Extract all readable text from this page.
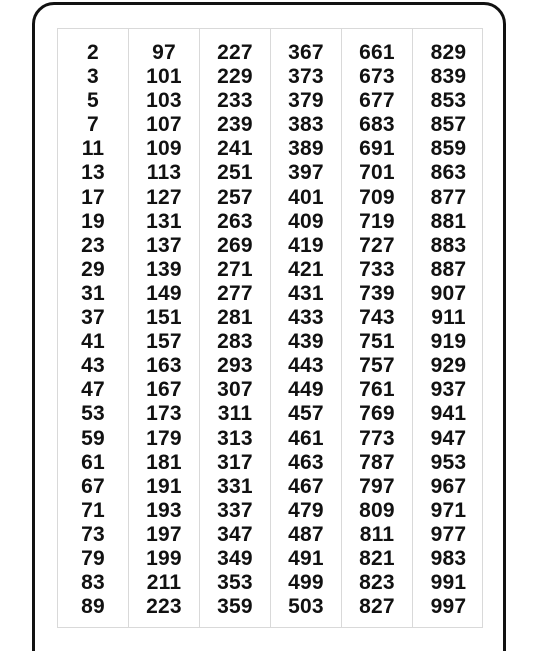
2
3
5
7
11
13
17
19
23
29
31
37
41
43
47
53
59
61
67
71
73
79
83
89
97
101
103
107
109
113
127
131
137
139
149
151
157
163
167
173
179
181
191
193
197
199
211
223
227
229
233
239
241
251
257
263
269
271
277
281
283
293
307
311
313
317
331
337
347
349
353
359
367
373
379
383
389
397
401
409
419
421
431
433
439
443
449
457
461
463
467
479
487
491
499
503
661
673
677
683
691
701
709
719
727
733
739
743
751
757
761
769
773
787
797
809
811
821
823
827
829
839
853
857
859
863
877
881
883
887
907
911
919
929
937
941
947
953
967
971
977
983
991
997
